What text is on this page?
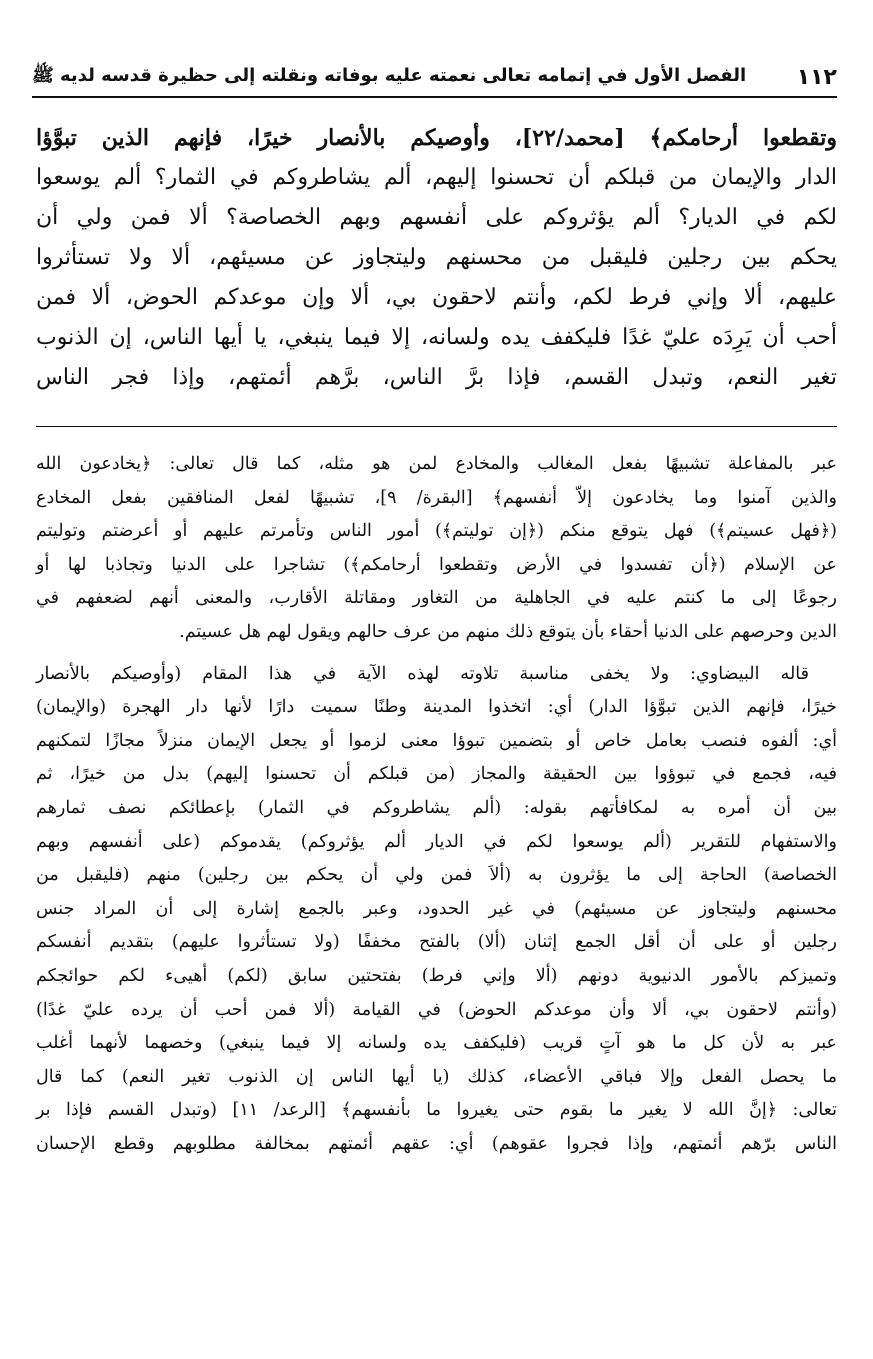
١١٢
الفصل الأول في إتمامه تعالى نعمته عليه بوفاته ونقلته إلى حظيرة قدسه لديه ﷺ

وتقطعوا أرحامكم﴾ [محمد/٢٢]، وأوصيكم بالأنصار خيرًا، فإنهم الذين تبوَّؤا

الدار والإيمان من قبلكم أن تحسنوا إليهم، ألم يشاطروكم في الثمار؟ ألم يوسعوا

لكم في الديار؟ ألم يؤثروكم على أنفسهم وبهم الخصاصة؟ ألا فمن ولي أن

يحكم بين رجلين فليقبل من محسنهم وليتجاوز عن مسيئهم، ألا ولا تستأثروا

عليهم، ألا وإني فرط لكم، وأنتم لاحقون بي، ألا وإن موعدكم الحوض، ألا فمن

أحب أن يَرِدَه عليّ غدًا فليكفف يده ولسانه، إلا فيما ينبغي، يا أيها الناس، إن الذنوب

تغير النعم، وتبدل القسم، فإذا برَّ الناس، برَّهم أئمتهم، وإذا فجر الناس

عبر بالمفاعلة تشبيهًا بفعل المغالب والمخادع لمن هو مثله، كما قال تعالى: ﴿يخادعون الله

والذين آمنوا وما يخادعون إلاّ أنفسهم﴾ [البقرة/ ٩]، تشبيهًا لفعل المنافقين بفعل المخادع

(﴿فهل عسيتم﴾) فهل يتوقع منكم (﴿إن توليتم﴾) أمور الناس وتأمرتم عليهم أو أعرضتم وتوليتم

عن الإسلام (﴿أن تفسدوا في الأرض وتقطعوا أرحامكم﴾) تشاجرا على الدنيا وتجاذبا لها أو

رجوعًا إلى ما كنتم عليه في الجاهلية من التغاور ومقاتلة الأقارب، والمعنى أنهم لضعفهم في

الدين وحرصهم على الدنيا أحقاء بأن يتوقع ذلك منهم من عرف حالهم ويقول لهم هل عسيتم.

قاله البيضاوي: ولا يخفى مناسبة تلاوته لهذه الآية في هذا المقام (وأوصيكم بالأنصار

خيرًا، فإنهم الذين تبوَّؤا الدار) أي: اتخذوا المدينة وطنًا سميت دارًا لأنها دار الهجرة (والإيمان)

أي: ألفوه فنصب بعامل خاص أو بتضمين تبوؤا معنى لزموا أو يجعل الإيمان منزلاً مجازًا لتمكنهم

فيه، فجمع في تبوؤوا بين الحقيقة والمجاز (من قبلكم أن تحسنوا إليهم) بدل من خيرًا، ثم

بين أن أمره به لمكافأتهم بقوله: (ألم يشاطروكم في الثمار) بإعطائكم نصف ثمارهم

والاستفهام للتقرير (ألم يوسعوا لكم في الديار ألم يؤثروكم) يقدموكم (على أنفسهم وبهم

الخصاصة) الحاجة إلى ما يؤثرون به (ألاَ فمن ولي أن يحكم بين رجلين) منهم (فليقبل من

محسنهم وليتجاوز عن مسيئهم) في غير الحدود، وعبر بالجمع إشارة إلى أن المراد جنس

رجلين أو على أن أقل الجمع إثنان (ألا) بالفتح مخففًا (ولا تستأثروا عليهم) بتقديم أنفسكم

وتميزكم بالأمور الدنيوية دونهم (ألا وإني فرط) بفتحتين سابق (لكم) أهيىء لكم حوائجكم

(وأنتم لاحقون بي، ألا وأن موعدكم الحوض) في القيامة (ألا فمن أحب أن يرده عليّ غدًا)

عبر به لأن كل ما هو آتٍ قريب (فليكفف يده ولسانه إلا فيما ينبغي) وخصهما لأنهما أغلب

ما يحصل الفعل وإلا فباقي الأعضاء، كذلك (يا أيها الناس إن الذنوب تغير النعم) كما قال

تعالى: ﴿إنَّ الله لا يغير ما بقوم حتى يغيروا ما بأنفسهم﴾ [الرعد/ ١١] (وتبدل القسم فإذا بر

الناس برّهم أئمتهم، وإذا فجروا عقوهم) أي: عقهم أئمتهم بمخالفة مطلوبهم وقطع الإحسان
